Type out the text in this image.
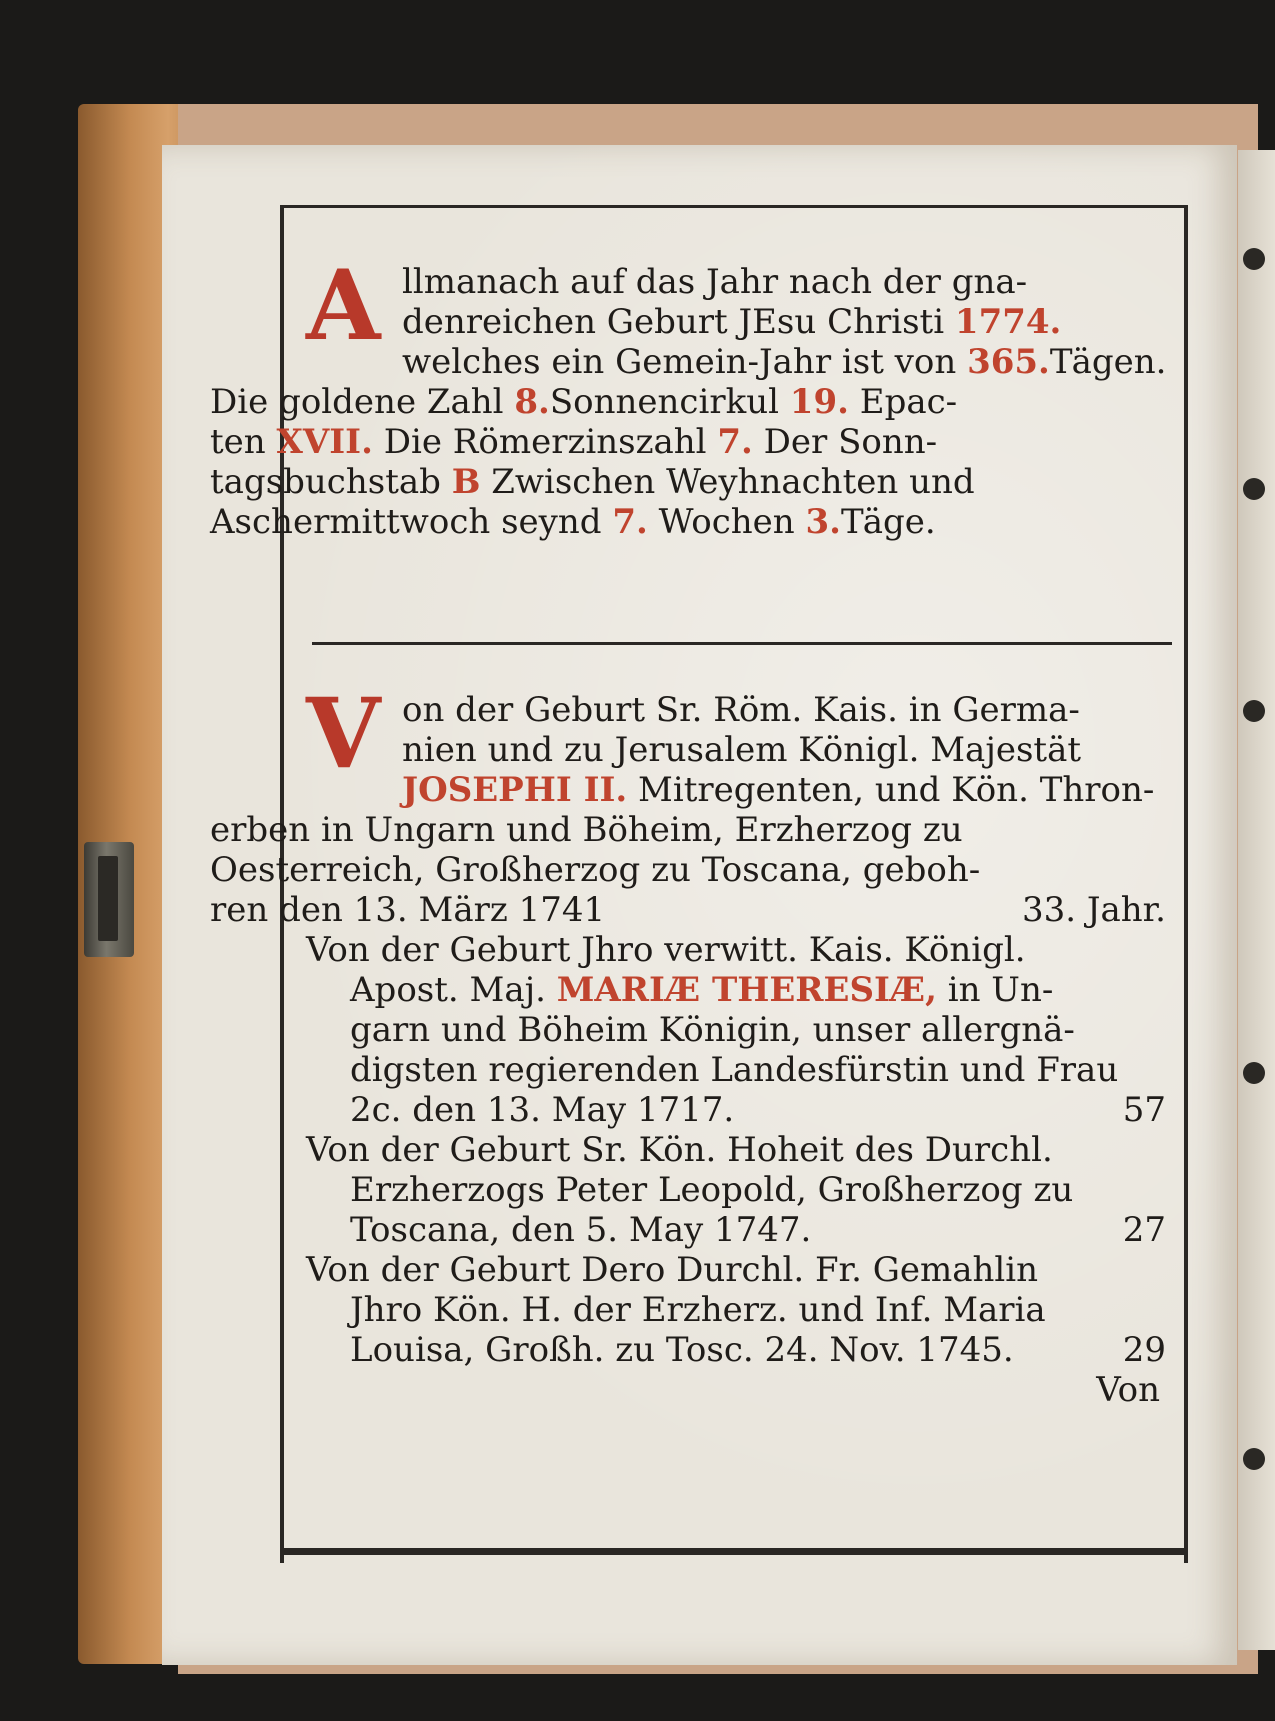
A llmanach auf das Jahr nach der gna-
denreichen Geburt JEsu Christi 1774.
welches ein Gemein-Jahr ist von 365.Tägen.
Die goldene Zahl 8.Sonnencirkul 19. Epac-
ten XVII. Die Römerzinszahl 7. Der Sonn-
tagsbuchstab B Zwischen Weyhnachten und
Aschermittwoch seynd 7. Wochen 3.Täge.
V on der Geburt Sr. Röm. Kais. in Germa-
nien und zu Jerusalem Königl. Majestät
JOSEPHI II. Mitregenten, und Kön. Thron-
erben in Ungarn und Böheim, Erzherzog zu
Oesterreich, Großherzog zu Toscana, geboh-
ren den 13. März 1741	33. Jahr.
Von der Geburt Jhro verwitt. Kais. Königl.
Apost. Maj. MARIÆ THERESIÆ, in Un-
garn und Böheim Königin, unser allergnä-
digsten regierenden Landesfürstin und Frau
2c. den 13. May 1717.	57
Von der Geburt Sr. Kön. Hoheit des Durchl.
Erzherzogs Peter Leopold, Großherzog zu
Toscana, den 5. May 1747.	27
Von der Geburt Dero Durchl. Fr. Gemahlin
Jhro Kön. H. der Erzherz. und Inf. Maria
Louisa, Großh. zu Tosc. 24. Nov. 1745.	29
Von
